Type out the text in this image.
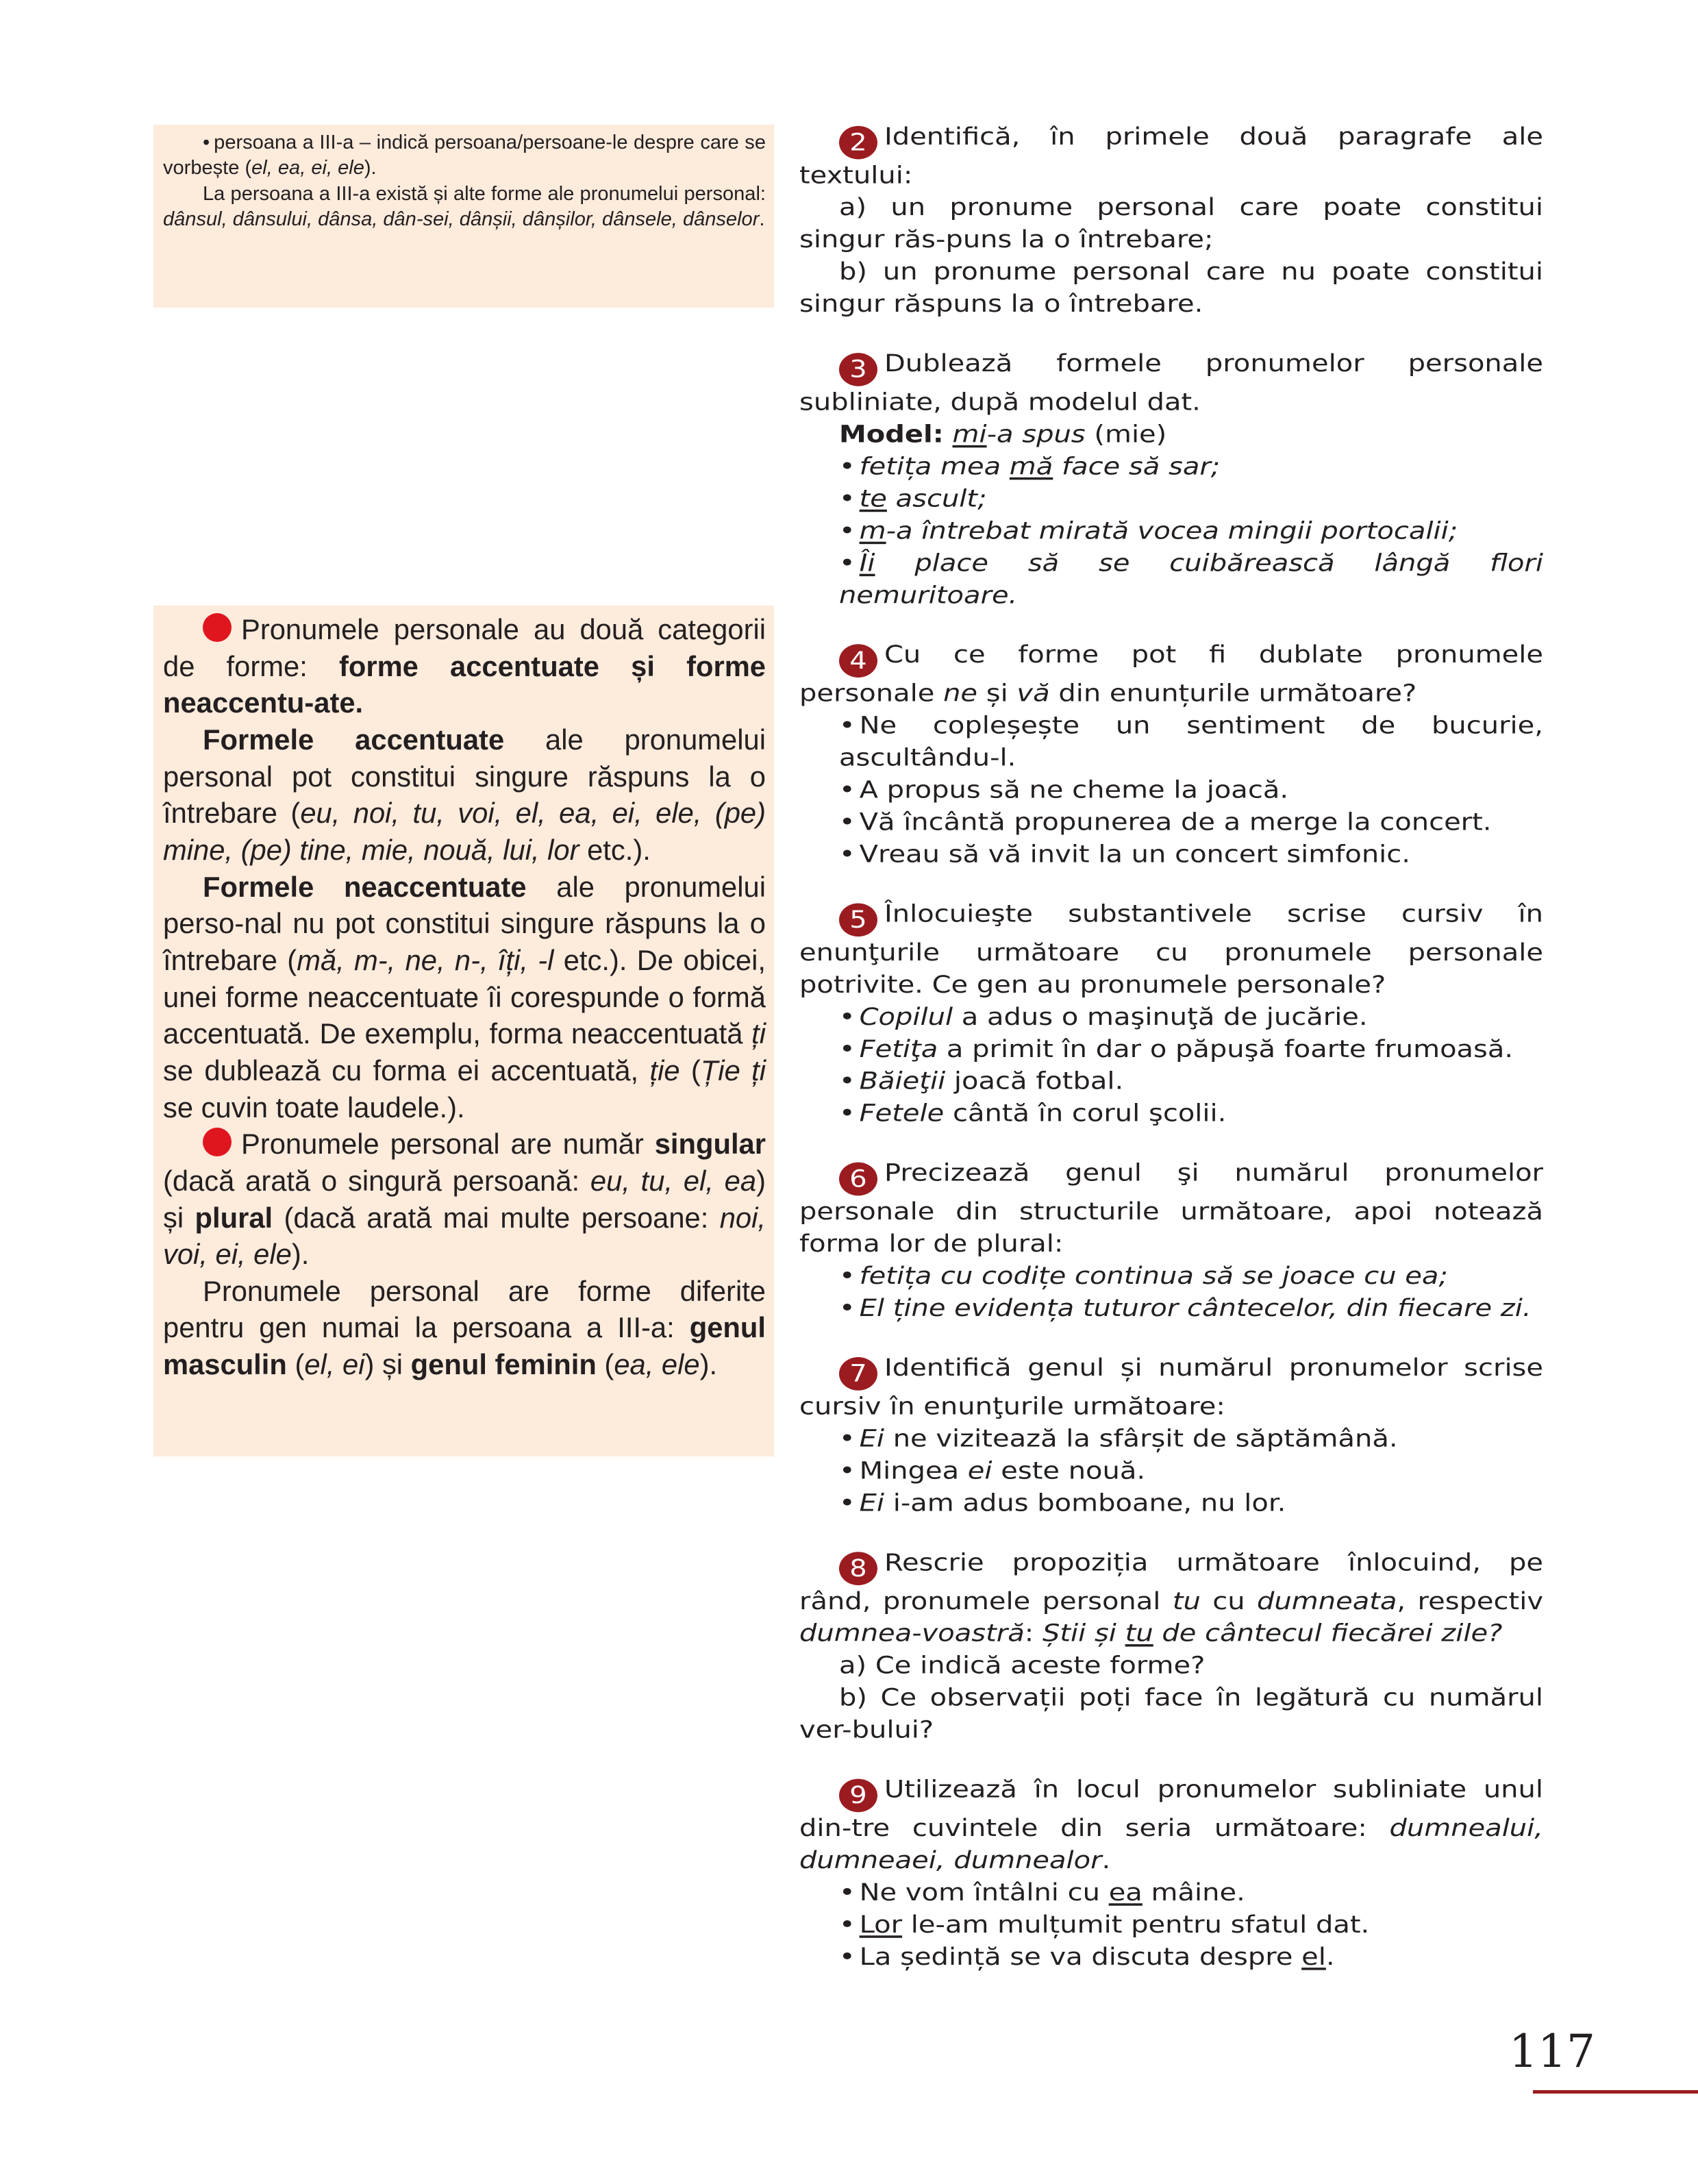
• persoana a III-a – indică persoana/persoane-le despre care se vorbește (el, ea, ei, ele).

La persoana a III-a există și alte forme ale pronumelui personal: dânsul, dânsului, dânsa, dân-sei, dânșii, dânșilor, dânsele, dânselor.

Pronumele personale au două categorii de forme: forme accentuate și forme neaccentu-ate.

Formele accentuate ale pronumelui personal pot constitui singure răspuns la o întrebare (eu, noi, tu, voi, el, ea, ei, ele, (pe) mine, (pe) tine, mie, nouă, lui, lor etc.).

Formele neaccentuate ale pronumelui perso-nal nu pot constitui singure răspuns la o întrebare (mă, m-, ne, n-, îți, -l etc.). De obicei, unei forme neaccentuate îi corespunde o formă accentuată. De exemplu, forma neaccentuată ți se dublează cu forma ei accentuată, ție (Ție ți se cuvin toate laudele.).

Pronumele personal are număr singular (dacă arată o singură persoană: eu, tu, el, ea) și plural (dacă arată mai multe persoane: noi, voi, ei, ele).

Pronumele personal are forme diferite pentru gen numai la persoana a III-a: genul masculin (el, ei) și genul feminin (ea, ele).

2 Identifică, în primele două paragrafe ale textului:

a) un pronume personal care poate constitui singur răs-puns la o întrebare;

b) un pronume personal care nu poate constitui singur răspuns la o întrebare.

3 Dublează formele pronumelor personale subliniate, după modelul dat.

Model: mi-a spus (mie)

• fetița mea mă face să sar;

• te ascult;

• m-a întrebat mirată vocea mingii portocalii;

• Îi place să se cuibărească lângă flori nemuritoare.

4 Cu ce forme pot fi dublate pronumele personale ne și vă din enunțurile următoare?

• Ne copleșește un sentiment de bucurie, ascultându-l.

• A propus să ne cheme la joacă.

• Vă încântă propunerea de a merge la concert.

• Vreau să vă invit la un concert simfonic.

5 Înlocuieşte substantivele scrise cursiv în enunţurile următoare cu pronumele personale potrivite. Ce gen au pronumele personale?

• Copilul a adus o maşinuţă de jucărie.

• Fetiţa a primit în dar o păpuşă foarte frumoasă.

• Băieţii joacă fotbal.

• Fetele cântă în corul şcolii.

6 Precizează genul şi numărul pronumelor personale din structurile următoare, apoi notează forma lor de plural:

• fetița cu codițe continua să se joace cu ea;

• El ține evidența tuturor cântecelor, din fiecare zi.

7 Identifică genul și numărul pronumelor scrise cursiv în enunţurile următoare:

• Ei ne vizitează la sfârșit de săptămână.

• Mingea ei este nouă.

• Ei i-am adus bomboane, nu lor.

8 Rescrie propoziția următoare înlocuind, pe rând, pronumele personal tu cu dumneata, respectiv dumnea-voastră: Știi și tu de cântecul fiecărei zile?

a) Ce indică aceste forme?

b) Ce observații poți face în legătură cu numărul ver-bului?

9 Utilizează în locul pronumelor subliniate unul din-tre cuvintele din seria următoare: dumnealui, dumneaei, dumnealor.

• Ne vom întâlni cu ea mâine.

• Lor le-am mulțumit pentru sfatul dat.

• La ședință se va discuta despre el.

117
